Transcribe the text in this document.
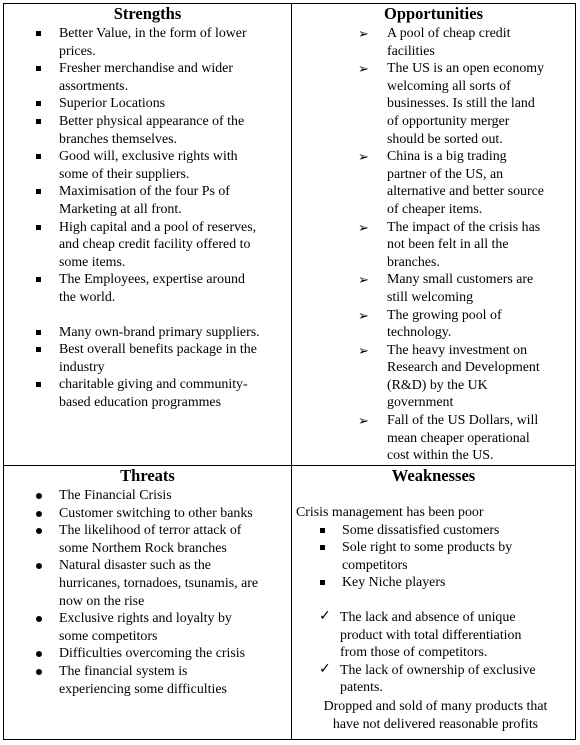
Strengths
Better Value, in the form of lower
prices.
Fresher merchandise and wider
assortments.
Superior Locations
Better physical appearance of the
branches themselves.
Good will, exclusive rights with
some of their suppliers.
Maximisation of the four Ps of
Marketing at all front.
High capital and a pool of reserves,
and cheap credit facility offered to
some items.
The Employees, expertise around
the world.
Many own-brand primary suppliers.
Best overall benefits package in the
industry
charitable giving and community-
based education programmes
Opportunities
➢ A pool of cheap credit
facilities
➢ The US is an open economy
welcoming all sorts of
businesses. Is still the land
of opportunity merger
should be sorted out.
➢ China is a big trading
partner of the US, an
alternative and better source
of cheaper items.
➢ The impact of the crisis has
not been felt in all the
branches.
➢ Many small customers are
still welcoming
➢ The growing pool of
technology.
➢ The heavy investment on
Research and Development
(R&D) by the UK
government
➢ Fall of the US Dollars, will
mean cheaper operational
cost within the US.
Threats
The Financial Crisis
Customer switching to other banks
The likelihood of terror attack of
some Northem Rock branches
Natural disaster such as the
hurricanes, tornadoes, tsunamis, are
now on the rise
Exclusive rights and loyalty by
some competitors
Difficulties overcoming the crisis
The financial system is
experiencing some difficulties
Weaknesses
Crisis management has been poor
Some dissatisfied customers
Sole right to some products by
competitors
Key Niche players
✓ The lack and absence of unique
product with total differentiation
from those of competitors.
✓ The lack of ownership of exclusive
patents.
Dropped and sold of many products that
have not delivered reasonable profits
